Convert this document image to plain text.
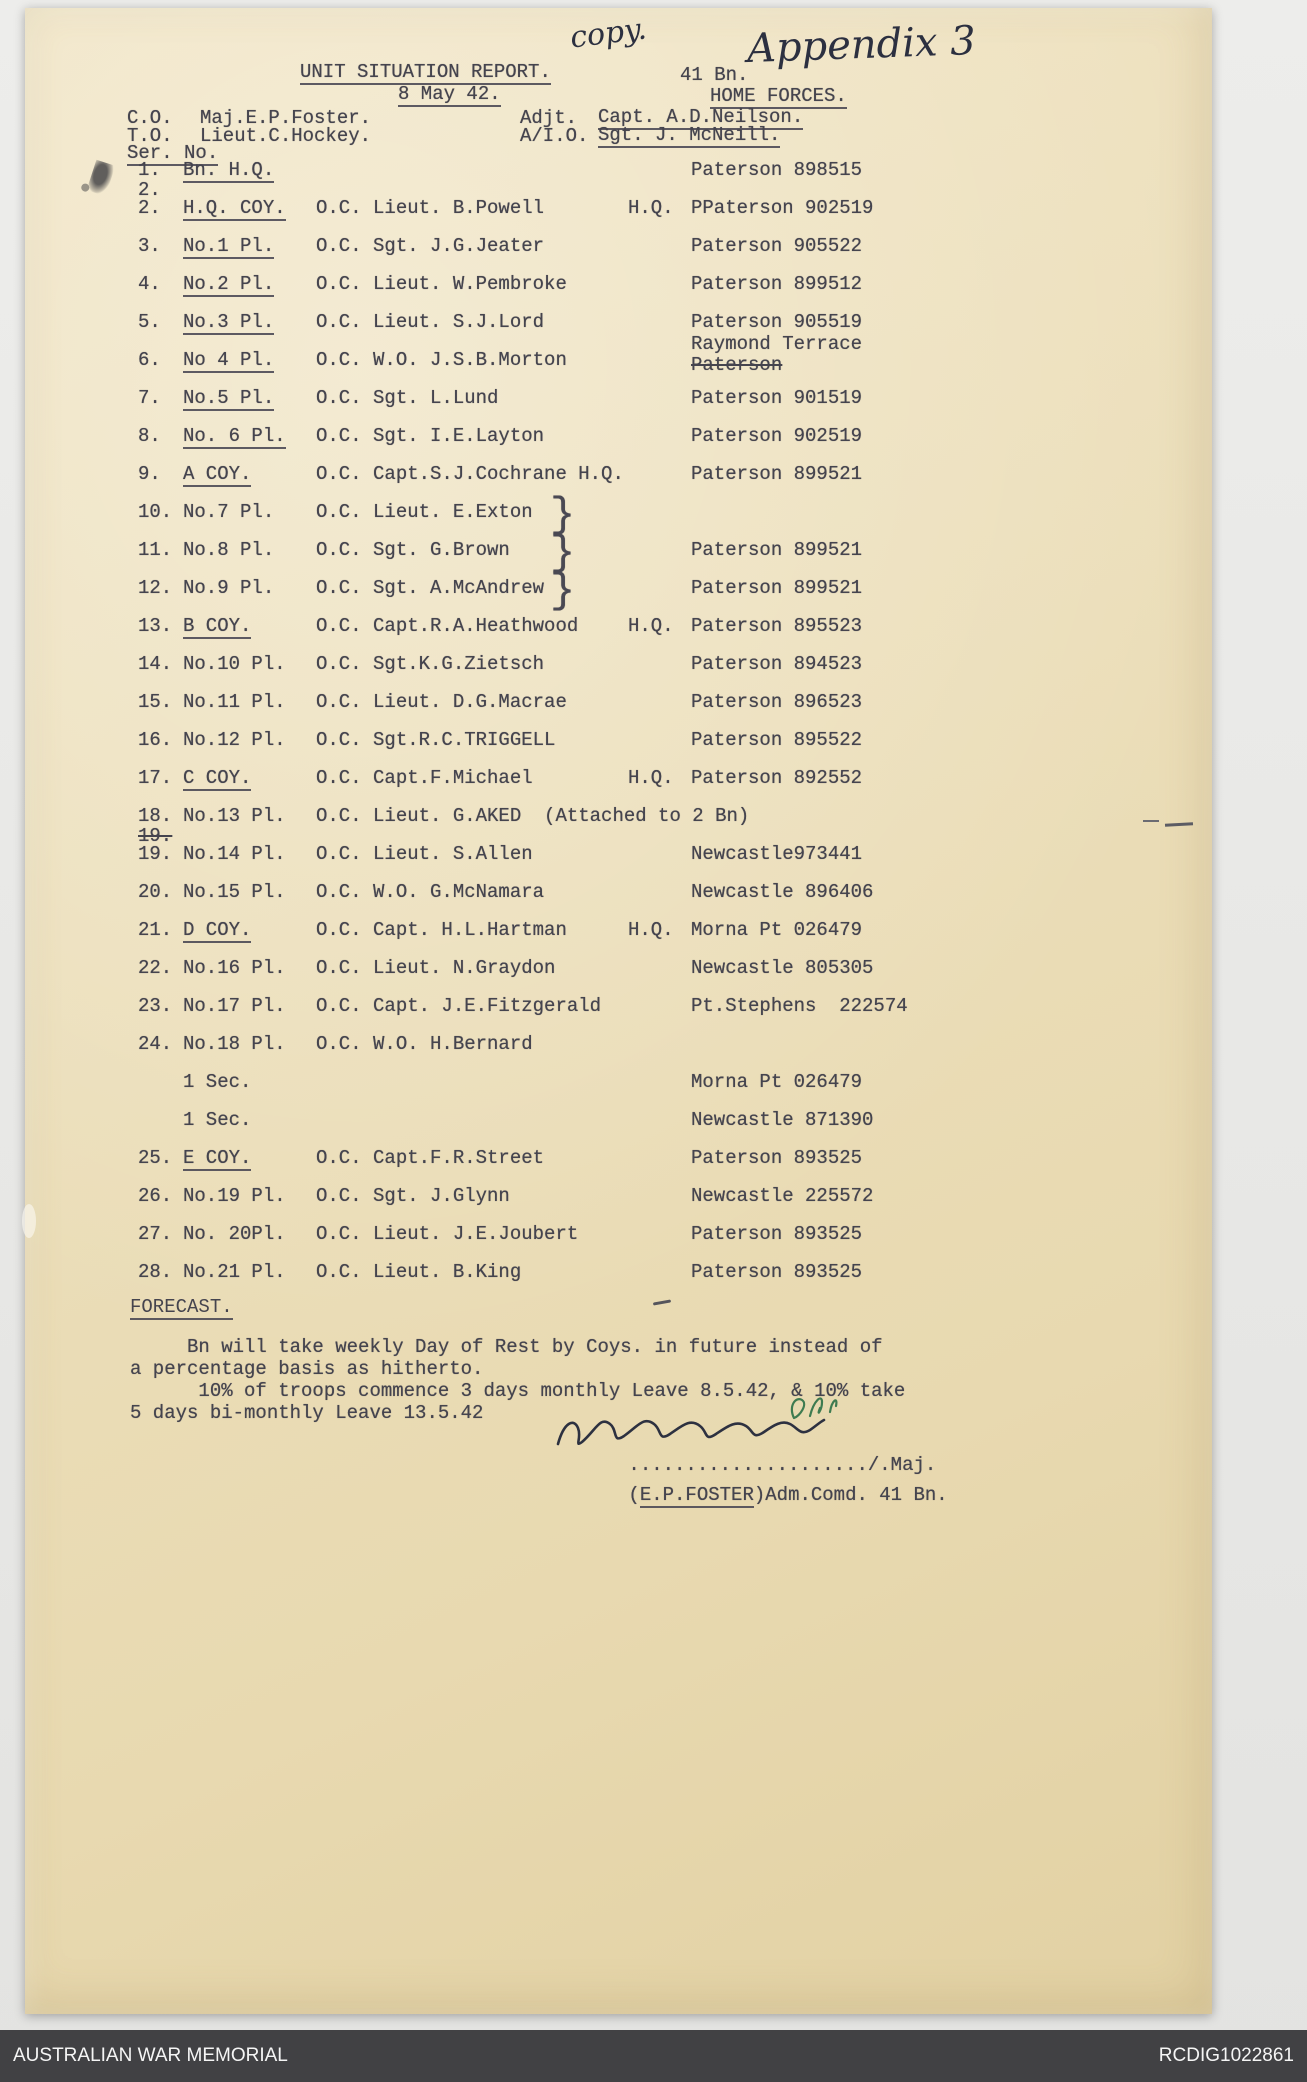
copy. Appendix 3
UNIT SITUATION REPORT.	41 Bn.
8 May 42.	HOME FORCES.
C.O. Maj.E.P.Foster.	Adjt. Capt. A.D.Neilson.
T.O. Lieut.C.Hockey.	A/I.O. Sgt. J. McNeill.
Ser. No.
1.	Bn. H.Q.	Paterson 898515
2.
2.	H.Q. COY.	O.C. Lieut. B.Powell	H.Q. PPaterson 902519
3.	No.1 Pl.	O.C. Sgt. J.G.Jeater	Paterson 905522
4.	No.2 Pl.	O.C. Lieut. W.Pembroke	Paterson 899512
5.	No.3 Pl.	O.C. Lieut. S.J.Lord	Paterson 905519
6.	No 4 Pl.	O.C. W.O. J.S.B.Morton
Raymond Terrace
Paterson
7.	No.5 Pl.	O.C. Sgt. L.Lund	Paterson 901519
8.	No. 6 Pl.	O.C. Sgt. I.E.Layton	Paterson 902519
9.	A COY.	O.C. Capt.S.J.Cochrane H.Q.	Paterson 899521
10. No.7 Pl.	O.C. Lieut. E.Exton }
11. No.8 Pl.	O.C. Sgt. G.Brown }	Paterson 899521
12. No.9 Pl.	O.C. Sgt. A.McAndrew }	Paterson 899521
13. B COY.	O.C. Capt.R.A.Heathwood	H.Q. Paterson 895523
14. No.10 Pl.	O.C. Sgt.K.G.Zietsch	Paterson 894523
15. No.11 Pl.	O.C. Lieut. D.G.Macrae	Paterson 896523
16. No.12 Pl.	O.C. Sgt.R.C.TRIGGELL	Paterson 895522
17. C COY.	O.C. Capt.F.Michael	H.Q. Paterson 892552
18. No.13 Pl.	O.C. Lieut. G.AKED  (Attached to 2 Bn)
19.
19. No.14 Pl.	O.C. Lieut. S.Allen	Newcastle973441
20. No.15 Pl.	O.C. W.O. G.McNamara	Newcastle 896406
21. D COY.	O.C. Capt. H.L.Hartman	H.Q. Morna Pt 026479
22. No.16 Pl.	O.C. Lieut. N.Graydon	Newcastle 805305
23. No.17 Pl.	O.C. Capt. J.E.Fitzgerald	Pt.Stephens  222574
24. No.18 Pl.	O.C. W.O. H.Bernard
1 Sec.	Morna Pt 026479
1 Sec.	Newcastle 871390
25. E COY.	O.C. Capt.F.R.Street	Paterson 893525
26. No.19 Pl.	O.C. Sgt. J.Glynn	Newcastle 225572
27. No. 20Pl.	O.C. Lieut. J.E.Joubert	Paterson 893525
28. No.21 Pl.	O.C. Lieut. B.King	Paterson 893525
FORECAST.
Bn will take weekly Day of Rest by Coys. in future instead of
a percentage basis as hitherto.
10% of troops commence 3 days monthly Leave 8.5.42, & 10% take
5 days bi-monthly Leave 13.5.42

...................../.Maj.

(E.P.FOSTER)Adm.Comd. 41 Bn.

AUSTRALIAN WAR MEMORIAL	RCDIG1022861
